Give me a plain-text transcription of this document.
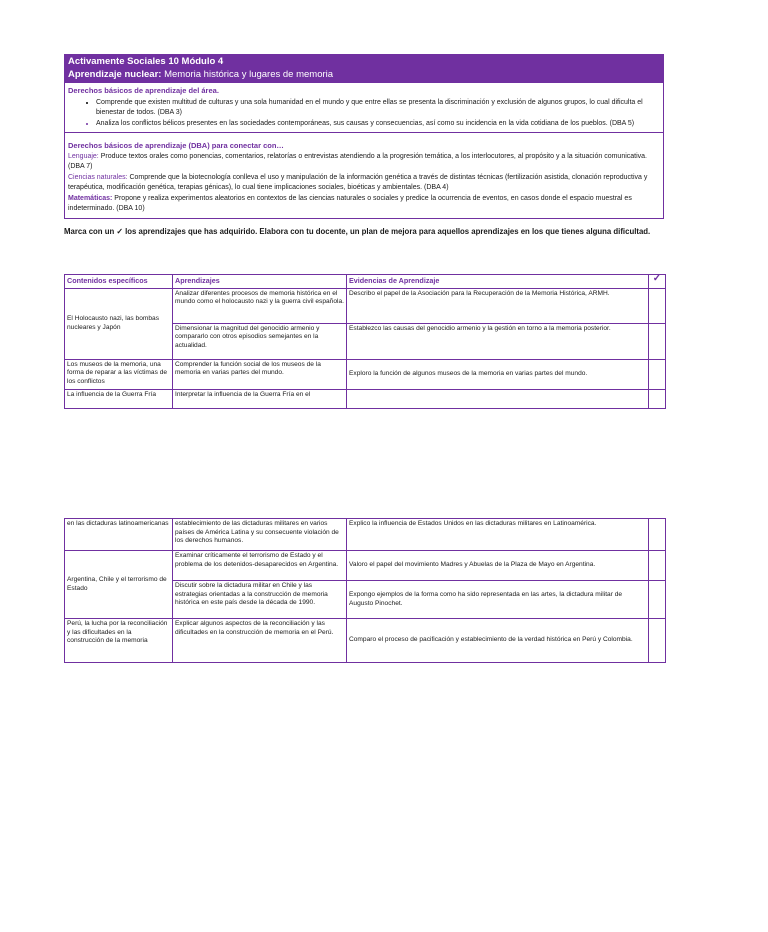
Activamente Sociales 10 Módulo 4
Aprendizaje nuclear: Memoria histórica y lugares de memoria
Derechos básicos de aprendizaje del área.
• Comprende que existen multitud de culturas y una sola humanidad en el mundo y que entre ellas se presenta la discriminación y exclusión de algunos grupos, lo cual dificulta el bienestar de todos. (DBA 3)
• Analiza los conflictos bélicos presentes en las sociedades contemporáneas, sus causas y consecuencias, así como su incidencia en la vida cotidiana de los pueblos. (DBA 5)
Derechos básicos de aprendizaje (DBA) para conectar con…
Lenguaje: Produce textos orales como ponencias, comentarios, relatorías o entrevistas atendiendo a la progresión temática, a los interlocutores, al propósito y a la situación comunicativa. (DBA 7)
Ciencias naturales: Comprende que la biotecnología conlleva el uso y manipulación de la información genética a través de distintas técnicas (fertilización asistida, clonación reproductiva y terapéutica, modificación genética, terapias génicas), lo cual tiene implicaciones sociales, bioéticas y ambientales. (DBA 4)
Matemáticas: Propone y realiza experimentos aleatorios en contextos de las ciencias naturales o sociales y predice la ocurrencia de eventos, en casos donde el espacio muestral es indeterminado. (DBA 10)
Marca con un ✓ los aprendizajes que has adquirido. Elabora con tu docente, un plan de mejora para aquellos aprendizajes en los que tienes alguna dificultad.
Contenidos específicos	Aprendizajes	Evidencias de Aprendizaje	✓
El Holocausto nazi, las bombas nucleares y Japón	Analizar diferentes procesos de memoria histórica en el mundo como el holocausto nazi y la guerra civil española.	Describo el papel de la Asociación para la Recuperación de la Memoria Histórica, ARMH.	
	Dimensionar la magnitud del genocidio armenio y compararlo con otros episodios semejantes en la actualidad.	Establezco las causas del genocidio armenio y la gestión en torno a la memoria posterior.	
Los museos de la memoria, una forma de reparar a las víctimas de los conflictos	Comprender la función social de los museos de la memoria en varias partes del mundo.	Exploro la función de algunos museos de la memoria en varias partes del mundo.	
La influencia de la Guerra Fría	Interpretar la influencia de la Guerra Fría en el		
en las dictaduras latinoamericanas	establecimiento de las dictaduras militares en varios países de América Latina y su consecuente violación de los derechos humanos.	Explico la influencia de Estados Unidos en las dictaduras militares en Latinoamérica.	
Argentina, Chile y el terrorismo de Estado	Examinar críticamente el terrorismo de Estado y el problema de los detenidos-desaparecidos en Argentina.	Valoro el papel del movimiento Madres y Abuelas de la Plaza de Mayo en Argentina.	
	Discutir sobre la dictadura militar en Chile y las estrategias orientadas a la construcción de memoria histórica en este país desde la década de 1990.	Expongo ejemplos de la forma como ha sido representada en las artes, la dictadura militar de Augusto Pinochet.	
Perú, la lucha por la reconciliación y las dificultades en la construcción de la memoria	Explicar algunos aspectos de la reconciliación y las dificultades en la construcción de memoria en el Perú.	Comparo el proceso de pacificación y establecimiento de la verdad histórica en Perú y Colombia.	
